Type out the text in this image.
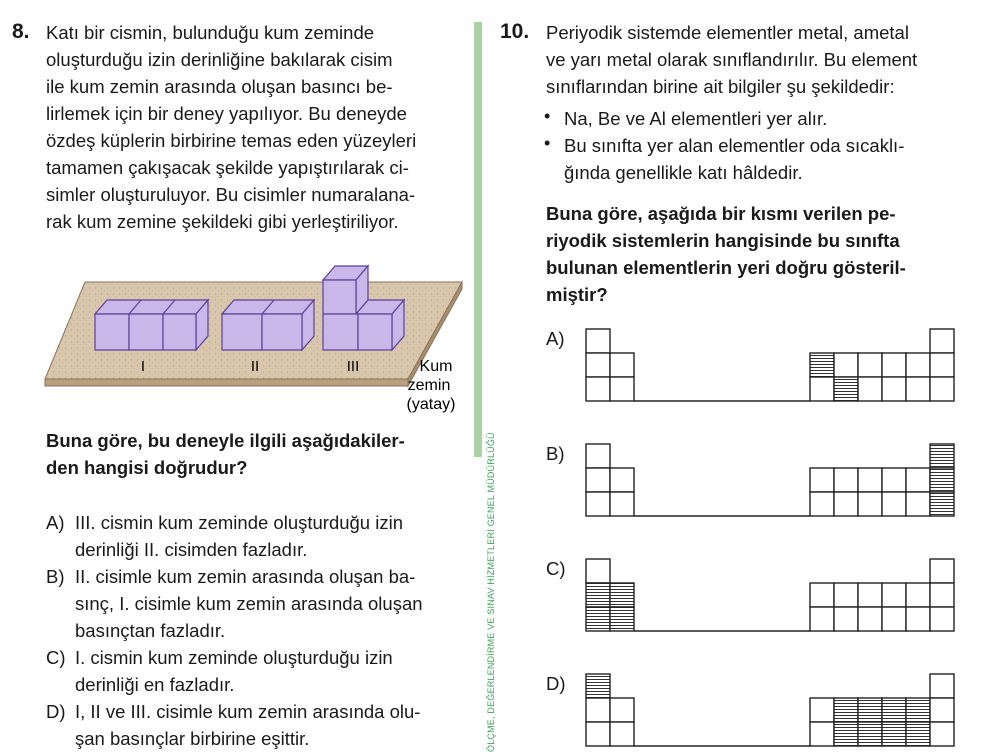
8. Katı bir cismin, bulunduğu kum zeminde
oluşturduğu izin derinliğine bakılarak cisim
ile kum zemin arasında oluşan basıncı be-
lirlemek için bir deney yapılıyor. Bu deneyde
özdeş küplerin birbirine temas eden yüzeyleri
tamamen çakışacak şekilde yapıştırılarak ci-
simler oluşturuluyor. Bu cisimler numaralana-
rak kum zemine şekildeki gibi yerleştiriliyor.
I	II	III	Kum
zemin
(yatay)
Buna göre, bu deneyle ilgili aşağıdakiler-
den hangisi doğrudur?
A) III. cismin kum zeminde oluşturduğu izin
derinliği II. cisimden fazladır.
B) II. cisimle kum zemin arasında oluşan ba-
sınç, I. cisimle kum zemin arasında oluşan
basınçtan fazladır.
C) I. cismin kum zeminde oluşturduğu izin
derinliği en fazladır.
D) I, II ve III. cisimle kum zemin arasında olu-
şan basınçlar birbirine eşittir.	ÖLÇME, DEĞERLENDİRME VE SINAV HİZMETLERİ GENEL MÜDÜRLÜĞÜ
10. Periyodik sistemde elementler metal, ametal
ve yarı metal olarak sınıflandırılır. Bu element
sınıflarından birine ait bilgiler şu şekildedir:
• Na, Be ve Al elementleri yer alır.
• Bu sınıfta yer alan elementler oda sıcaklı-
ğında genellikle katı hâldedir.
Buna göre, aşağıda bir kısmı verilen pe-
riyodik sistemlerin hangisinde bu sınıfta
bulunan elementlerin yeri doğru gösteril-
miştir?
A)
B)
C)
D)
